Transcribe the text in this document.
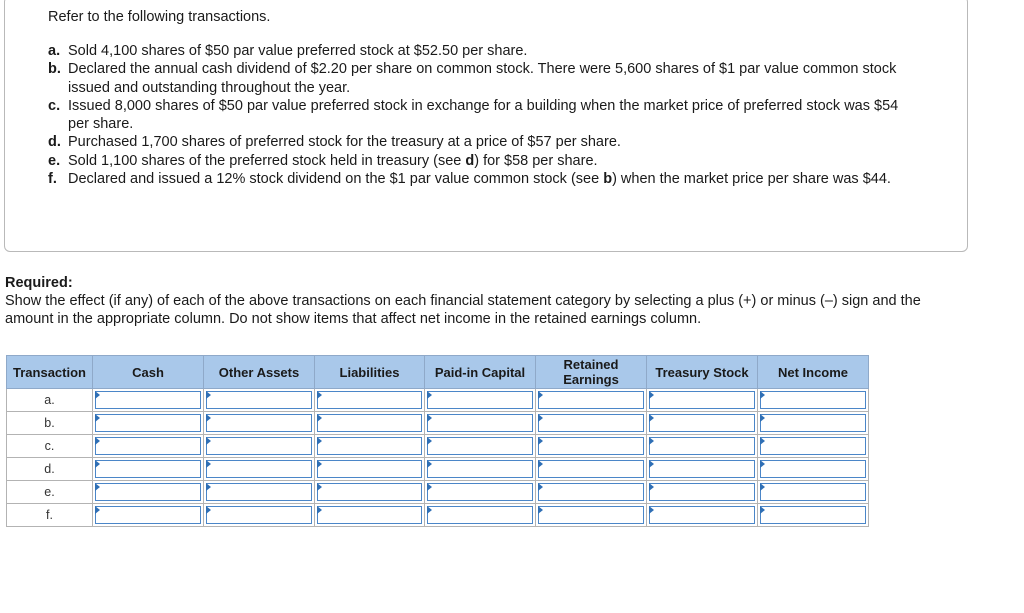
Refer to the following transactions.
a. Sold 4,100 shares of $50 par value preferred stock at $52.50 per share.
b. Declared the annual cash dividend of $2.20 per share on common stock. There were 5,600 shares of $1 par value common stock issued and outstanding throughout the year.
c. Issued 8,000 shares of $50 par value preferred stock in exchange for a building when the market price of preferred stock was $54 per share.
d. Purchased 1,700 shares of preferred stock for the treasury at a price of $57 per share.
e. Sold 1,100 shares of the preferred stock held in treasury (see d) for $58 per share.
f. Declared and issued a 12% stock dividend on the $1 par value common stock (see b) when the market price per share was $44.
Required:
Show the effect (if any) of each of the above transactions on each financial statement category by selecting a plus (+) or minus (–) sign and the amount in the appropriate column. Do not show items that affect net income in the retained earnings column.
Transaction	Cash	Other Assets	Liabilities	Paid-in Capital	Retained Earnings	Treasury Stock	Net Income
a.	

b.	

c.	

d.	

e.	

f.	
